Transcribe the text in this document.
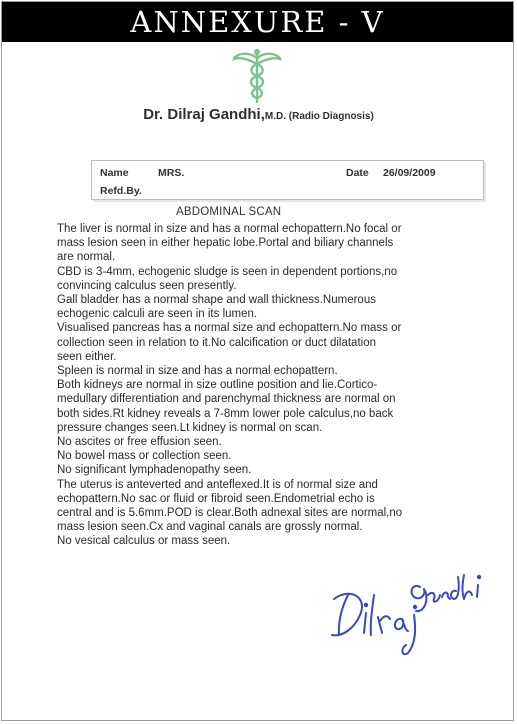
ANNEXURE - V
Dr. Dilraj Gandhi,M.D. (Radio Diagnosis)
Name	MRS.	Date 26/09/2009
Refd.By.
ABDOMINAL SCAN

The liver is normal in size and has a normal echopattern.No focal or

mass lesion seen in either hepatic lobe.Portal and biliary channels

are normal.

CBD is 3-4mm, echogenic sludge is seen in dependent portions,no

convincing calculus seen presently.

Gall bladder has a normal shape and wall thickness.Numerous

echogenic calculi are seen in its lumen.

Visualised pancreas has a normal size and echopattern.No mass or

collection seen in relation to it.No calcification or duct dilatation

seen either.

Spleen is normal in size and has a normal echopattern.

Both kidneys are normal in size outline position and lie.Cortico-

medullary differentiation and parenchymal thickness are normal on

both sides.Rt kidney reveals a 7-8mm lower pole calculus,no back

pressure changes seen.Lt kidney is normal on scan.

No ascites or free effusion seen.

No bowel mass or collection seen.

No significant lymphadenopathy seen.

The uterus is anteverted and anteflexed.It is of normal size and

echopattern.No sac or fluid or fibroid seen.Endometrial echo is

central and is 5.6mm.POD is clear.Both adnexal sites are normal,no

mass lesion seen.Cx and vaginal canals are grossly normal.

No vesical calculus or mass seen.
